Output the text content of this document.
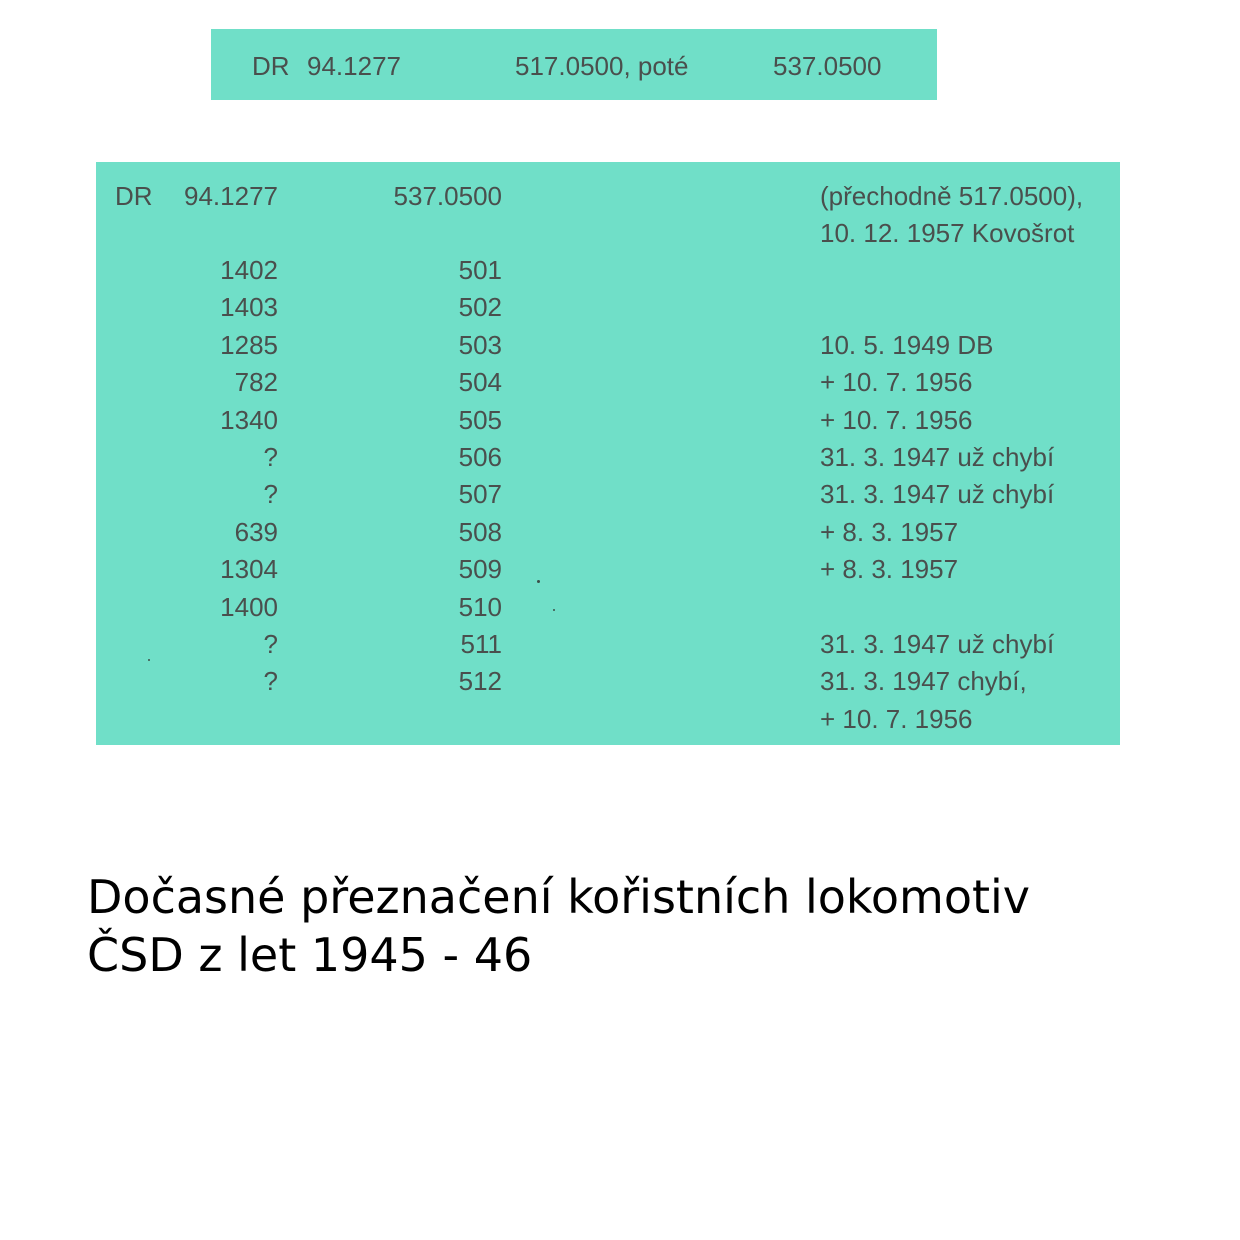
DR 94.1277	517.0500, poté	537.0500
DR	94.1277	537.0500	(přechodně 517.0500),
10. 12. 1957 Kovošrot
1402	501
1403	502
1285	503	10. 5. 1949 DB
782	504	+ 10. 7. 1956
1340	505	+ 10. 7. 1956
?	506	31. 3. 1947 už chybí
?	507	31. 3. 1947 už chybí
639	508	+ 8. 3. 1957
1304	509	+ 8. 3. 1957
1400	510
?	511	31. 3. 1947 už chybí
?	512	31. 3. 1947 chybí,
+ 10. 7. 1956
Dočasné přeznačení kořistních lokomotiv
ČSD z let 1945 - 46
